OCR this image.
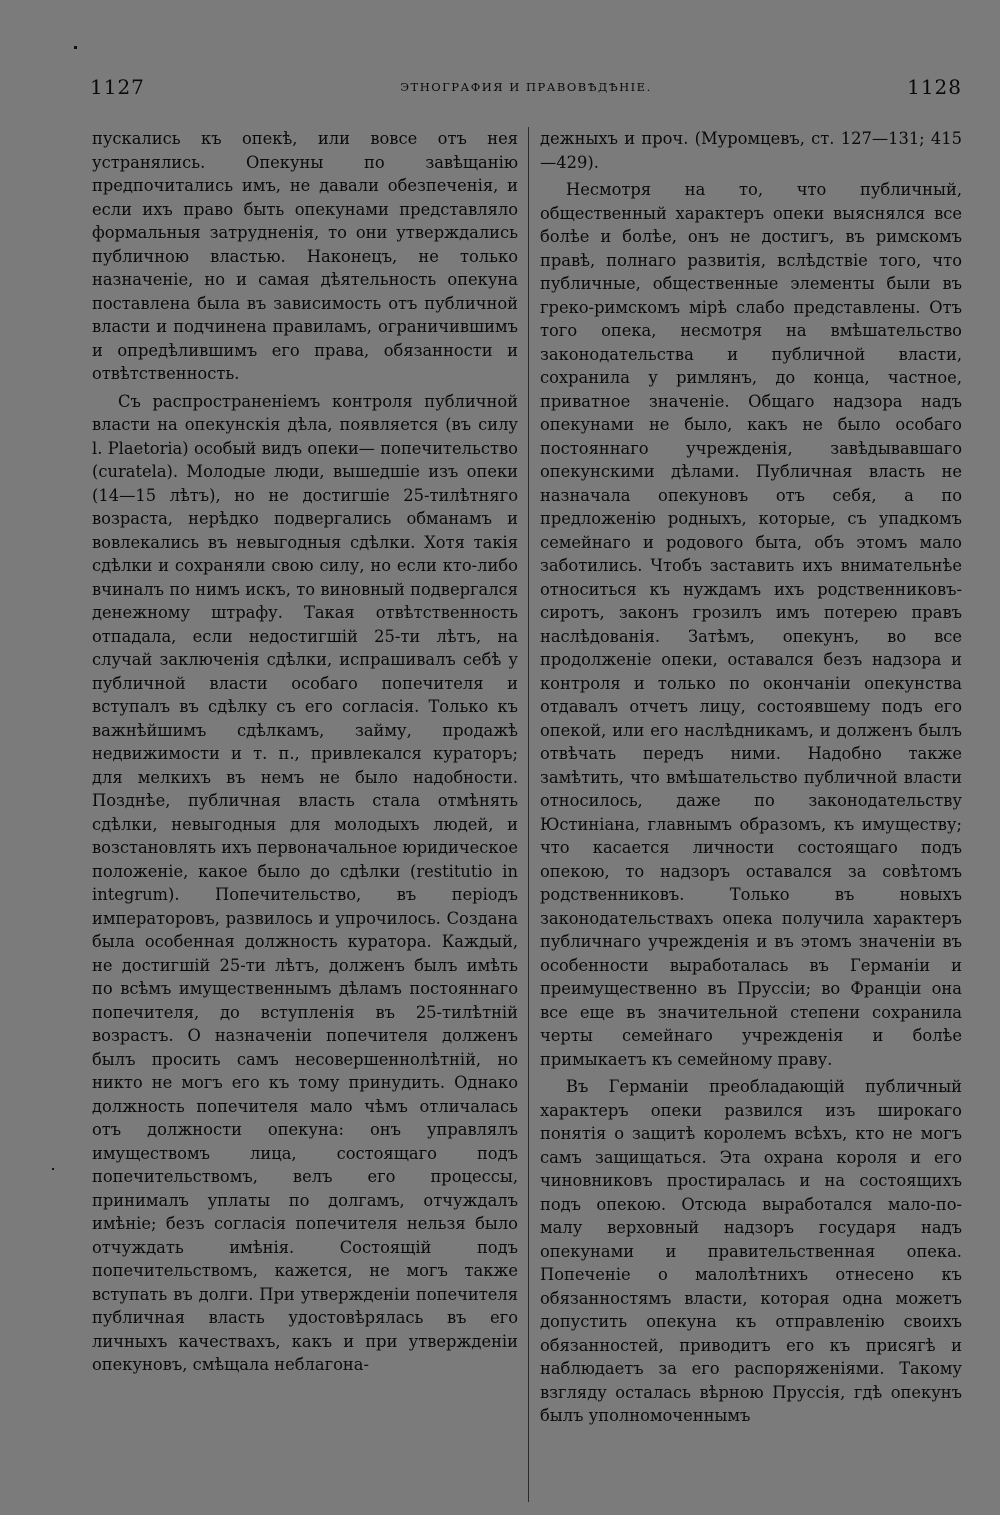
1127	ЭТНОГРАФИЯ И ПРАВОВѢДѢНІЕ.	1128

пускались къ опекѣ, или вовсе отъ нея устранялись. Опекуны по завѣщанію предпочитались имъ, не давали обезпеченія, и если ихъ право быть опекунами представляло формальныя затрудненія, то они утверждались публичною властью. Наконецъ, не только назначеніе, но и самая дѣятельность опекуна поставлена была въ зависимость отъ публичной власти и подчинена правиламъ, ограничившимъ и опредѣлившимъ его права, обязанности и отвѣтственность.

Съ распространеніемъ контроля публичной власти на опекунскія дѣла, появляется (въ силу l. Plaetoria) особый видъ опеки— попечительство (curatela). Молодые люди, вышедшіе изъ опеки (14—15 лѣтъ), но не достигшіе 25-тилѣтняго возраста, нерѣдко подвергались обманамъ и вовлекались въ невыгодныя сдѣлки. Хотя такія сдѣлки и сохраняли свою силу, но если кто-либо вчиналъ по нимъ искъ, то виновный подвергался денежному штрафу. Такая отвѣтственность отпадала, если недостигшій 25-ти лѣтъ, на случай заключенія сдѣлки, испрашивалъ себѣ у публичной власти особаго попечителя и вступалъ въ сдѣлку съ его согласія. Только къ важнѣйшимъ сдѣлкамъ, займу, продажѣ недвижимости и т. п., привлекался кураторъ; для мелкихъ въ немъ не было надобности. Позднѣе, публичная власть стала отмѣнять сдѣлки, невыгодныя для молодыхъ людей, и возстановлять ихъ первоначальное юридическое положеніе, какое было до сдѣлки (restitutio in integrum). Попечительство, въ періодъ императоровъ, развилось и упрочилось. Создана была особенная должность куратора. Каждый, не достигшій 25-ти лѣтъ, долженъ былъ имѣть по всѣмъ имущественнымъ дѣламъ постояннаго попечителя, до вступленія въ 25-тилѣтній возрастъ. О назначеніи попечителя долженъ былъ просить самъ несовершеннолѣтній, но никто не могъ его къ тому принудить. Однако должность попечителя мало чѣмъ отличалась отъ должности опекуна: онъ управлялъ имуществомъ лица, состоящаго подъ попечительствомъ, велъ его процессы, принималъ уплаты по долгамъ, отчуждалъ имѣніе; безъ согласія попечителя нельзя было отчуждать имѣнія. Состоящій подъ попечительствомъ, кажется, не могъ также вступать въ долги. При утвержденіи попечителя публичная власть удостовѣрялась въ его личныхъ качествахъ, какъ и при утвержденіи опекуновъ, смѣщала неблагона-

дежныхъ и проч. (Муромцевъ, ст. 127—131; 415—429).

Несмотря на то, что публичный, общественный характеръ опеки выяснялся все болѣе и болѣе, онъ не достигъ, въ римскомъ правѣ, полнаго развитія, вслѣдствіе того, что публичные, общественные элементы были въ греко-римскомъ мірѣ слабо представлены. Отъ того опека, несмотря на вмѣшательство законодательства и публичной власти, сохранила у римлянъ, до конца, частное, приватное значеніе. Общаго надзора надъ опекунами не было, какъ не было особаго постояннаго учрежденія, завѣдывавшаго опекунскими дѣлами. Публичная власть не назначала опекуновъ отъ себя, а по предложенію родныхъ, которые, съ упадкомъ семейнаго и родового быта, объ этомъ мало заботились. Чтобъ заставить ихъ внимательнѣе относиться къ нуждамъ ихъ родственниковъ-сиротъ, законъ грозилъ имъ потерею правъ наслѣдованія. Затѣмъ, опекунъ, во все продолженіе опеки, оставался безъ надзора и контроля и только по окончаніи опекунства отдавалъ отчетъ лицу, состоявшему подъ его опекой, или его наслѣдникамъ, и долженъ былъ отвѣчать передъ ними. Надобно также замѣтить, что вмѣшательство публичной власти относилось, даже по законодательству Юстиніана, главнымъ образомъ, къ имуществу; что касается личности состоящаго подъ опекою, то надзоръ оставался за совѣтомъ родственниковъ. Только въ новыхъ законодательствахъ опека получила характеръ публичнаго учрежденія и въ этомъ значеніи въ особенности выработалась въ Германіи и преимущественно въ Пруссіи; во Франціи она все еще въ значительной степени сохранила черты семейнаго учрежденія и болѣе примыкаетъ къ семейному праву.

Въ Германіи преобладающій публичный характеръ опеки развился изъ широкаго понятія о защитѣ королемъ всѣхъ, кто не могъ самъ защищаться. Эта охрана короля и его чиновниковъ простиралась и на состоящихъ подъ опекою. Отсюда выработался мало-по-малу верховный надзоръ государя надъ опекунами и правительственная опека. Попеченіе о малолѣтнихъ отнесено къ обязанностямъ власти, которая одна можетъ допустить опекуна къ отправленію своихъ обязанностей, приводитъ его къ присягѣ и наблюдаетъ за его распоряженіями. Такому взгляду осталась вѣрною Пруссія, гдѣ опекунъ былъ уполномоченнымъ
